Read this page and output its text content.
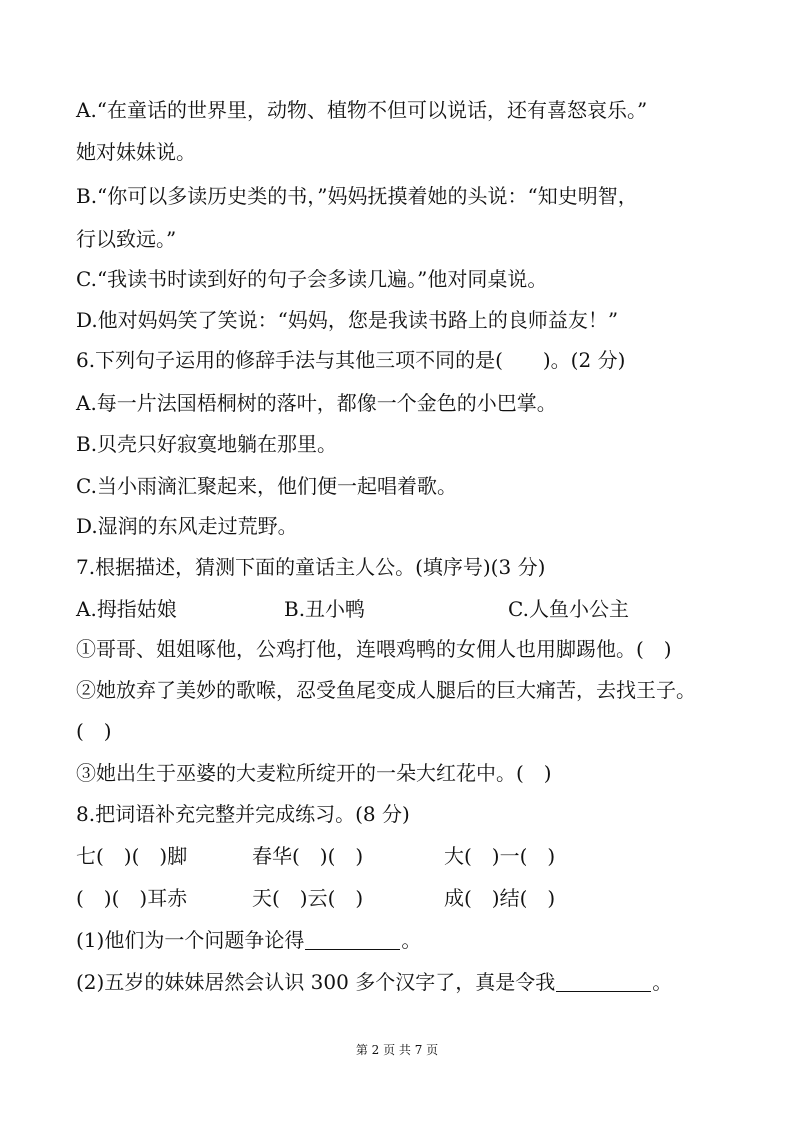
A.“在童话的世界里，动物、植物不但可以说话，还有喜怒哀乐。”
她对妹妹说。
B.“你可以多读历史类的书，”妈妈抚摸着她的头说：“知史明智，
行以致远。”
C.“我读书时读到好的句子会多读几遍。”他对同桌说。
D.他对妈妈笑了笑说：“妈妈，您是我读书路上的良师益友！”
6.下列句子运用的修辞手法与其他三项不同的是(　　)。(2 分)
A.每一片法国梧桐树的落叶，都像一个金色的小巴掌。
B.贝壳只好寂寞地躺在那里。
C.当小雨滴汇聚起来，他们便一起唱着歌。
D.湿润的东风走过荒野。
7.根据描述，猜测下面的童话主人公。(填序号)(3 分)
A.拇指姑娘	B.丑小鸭	C.人鱼小公主
①哥哥、姐姐啄他，公鸡打他，连喂鸡鸭的女佣人也用脚踢他。(　)
②她放弃了美妙的歌喉，忍受鱼尾变成人腿后的巨大痛苦，去找王子。
(　)
③她出生于巫婆的大麦粒所绽开的一朵大红花中。(　)
8.把词语补充完整并完成练习。(8 分)
七(　)(　)脚	春华(　)(　)	大(　)一(　)
(　)(　)耳赤	天(　)云(　)	成(　)结(　)
(1)他们为一个问题争论得	。
(2)五岁的妹妹居然会认识 300 多个汉字了，真是令我	。
第 2 页 共 7 页
